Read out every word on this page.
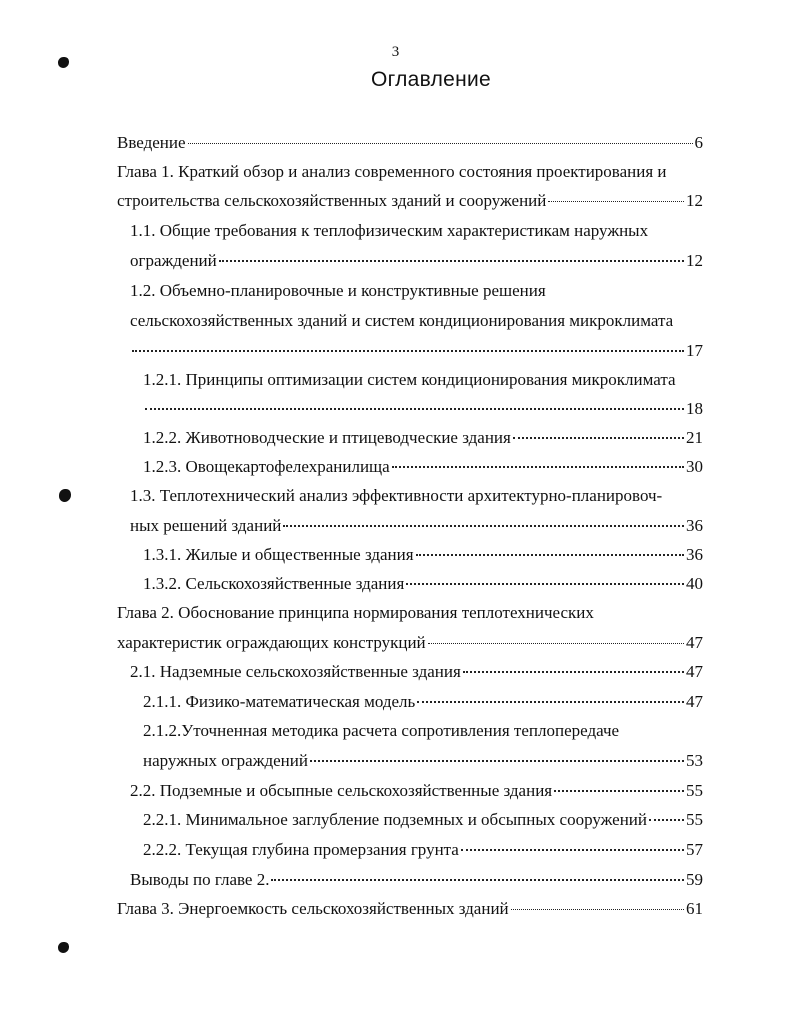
3
Оглавление
Введение	6
Глава 1. Краткий обзор и анализ современного состояния проектирования и
строительства сельскохозяйственных зданий и сооружений	12
1.1. Общие требования к теплофизическим характеристикам наружных
ограждений	12
1.2. Объемно-планировочные и конструктивные решения
сельскохозяйственных зданий и систем кондиционирования микроклимата
17
1.2.1. Принципы оптимизации систем кондиционирования микроклимата
18
1.2.2. Животноводческие и птицеводческие здания	21
1.2.3. Овощекартофелехранилища	30
1.3. Теплотехнический анализ эффективности архитектурно-планировоч-
ных решений зданий	36
1.3.1. Жилые и общественные здания	36
1.3.2. Сельскохозяйственные здания	40
Глава 2. Обоснование принципа нормирования теплотехнических
характеристик ограждающих конструкций	47
2.1. Надземные сельскохозяйственные здания	47
2.1.1. Физико-математическая модель	47
2.1.2.Уточненная методика расчета сопротивления теплопередаче
наружных ограждений	53
2.2. Подземные и обсыпные сельскохозяйственные здания	55
2.2.1. Минимальное заглубление подземных и обсыпных сооружений 55
2.2.2. Текущая глубина промерзания грунта	57
Выводы по главе 2.	59
Глава 3. Энергоемкость сельскохозяйственных зданий	61
